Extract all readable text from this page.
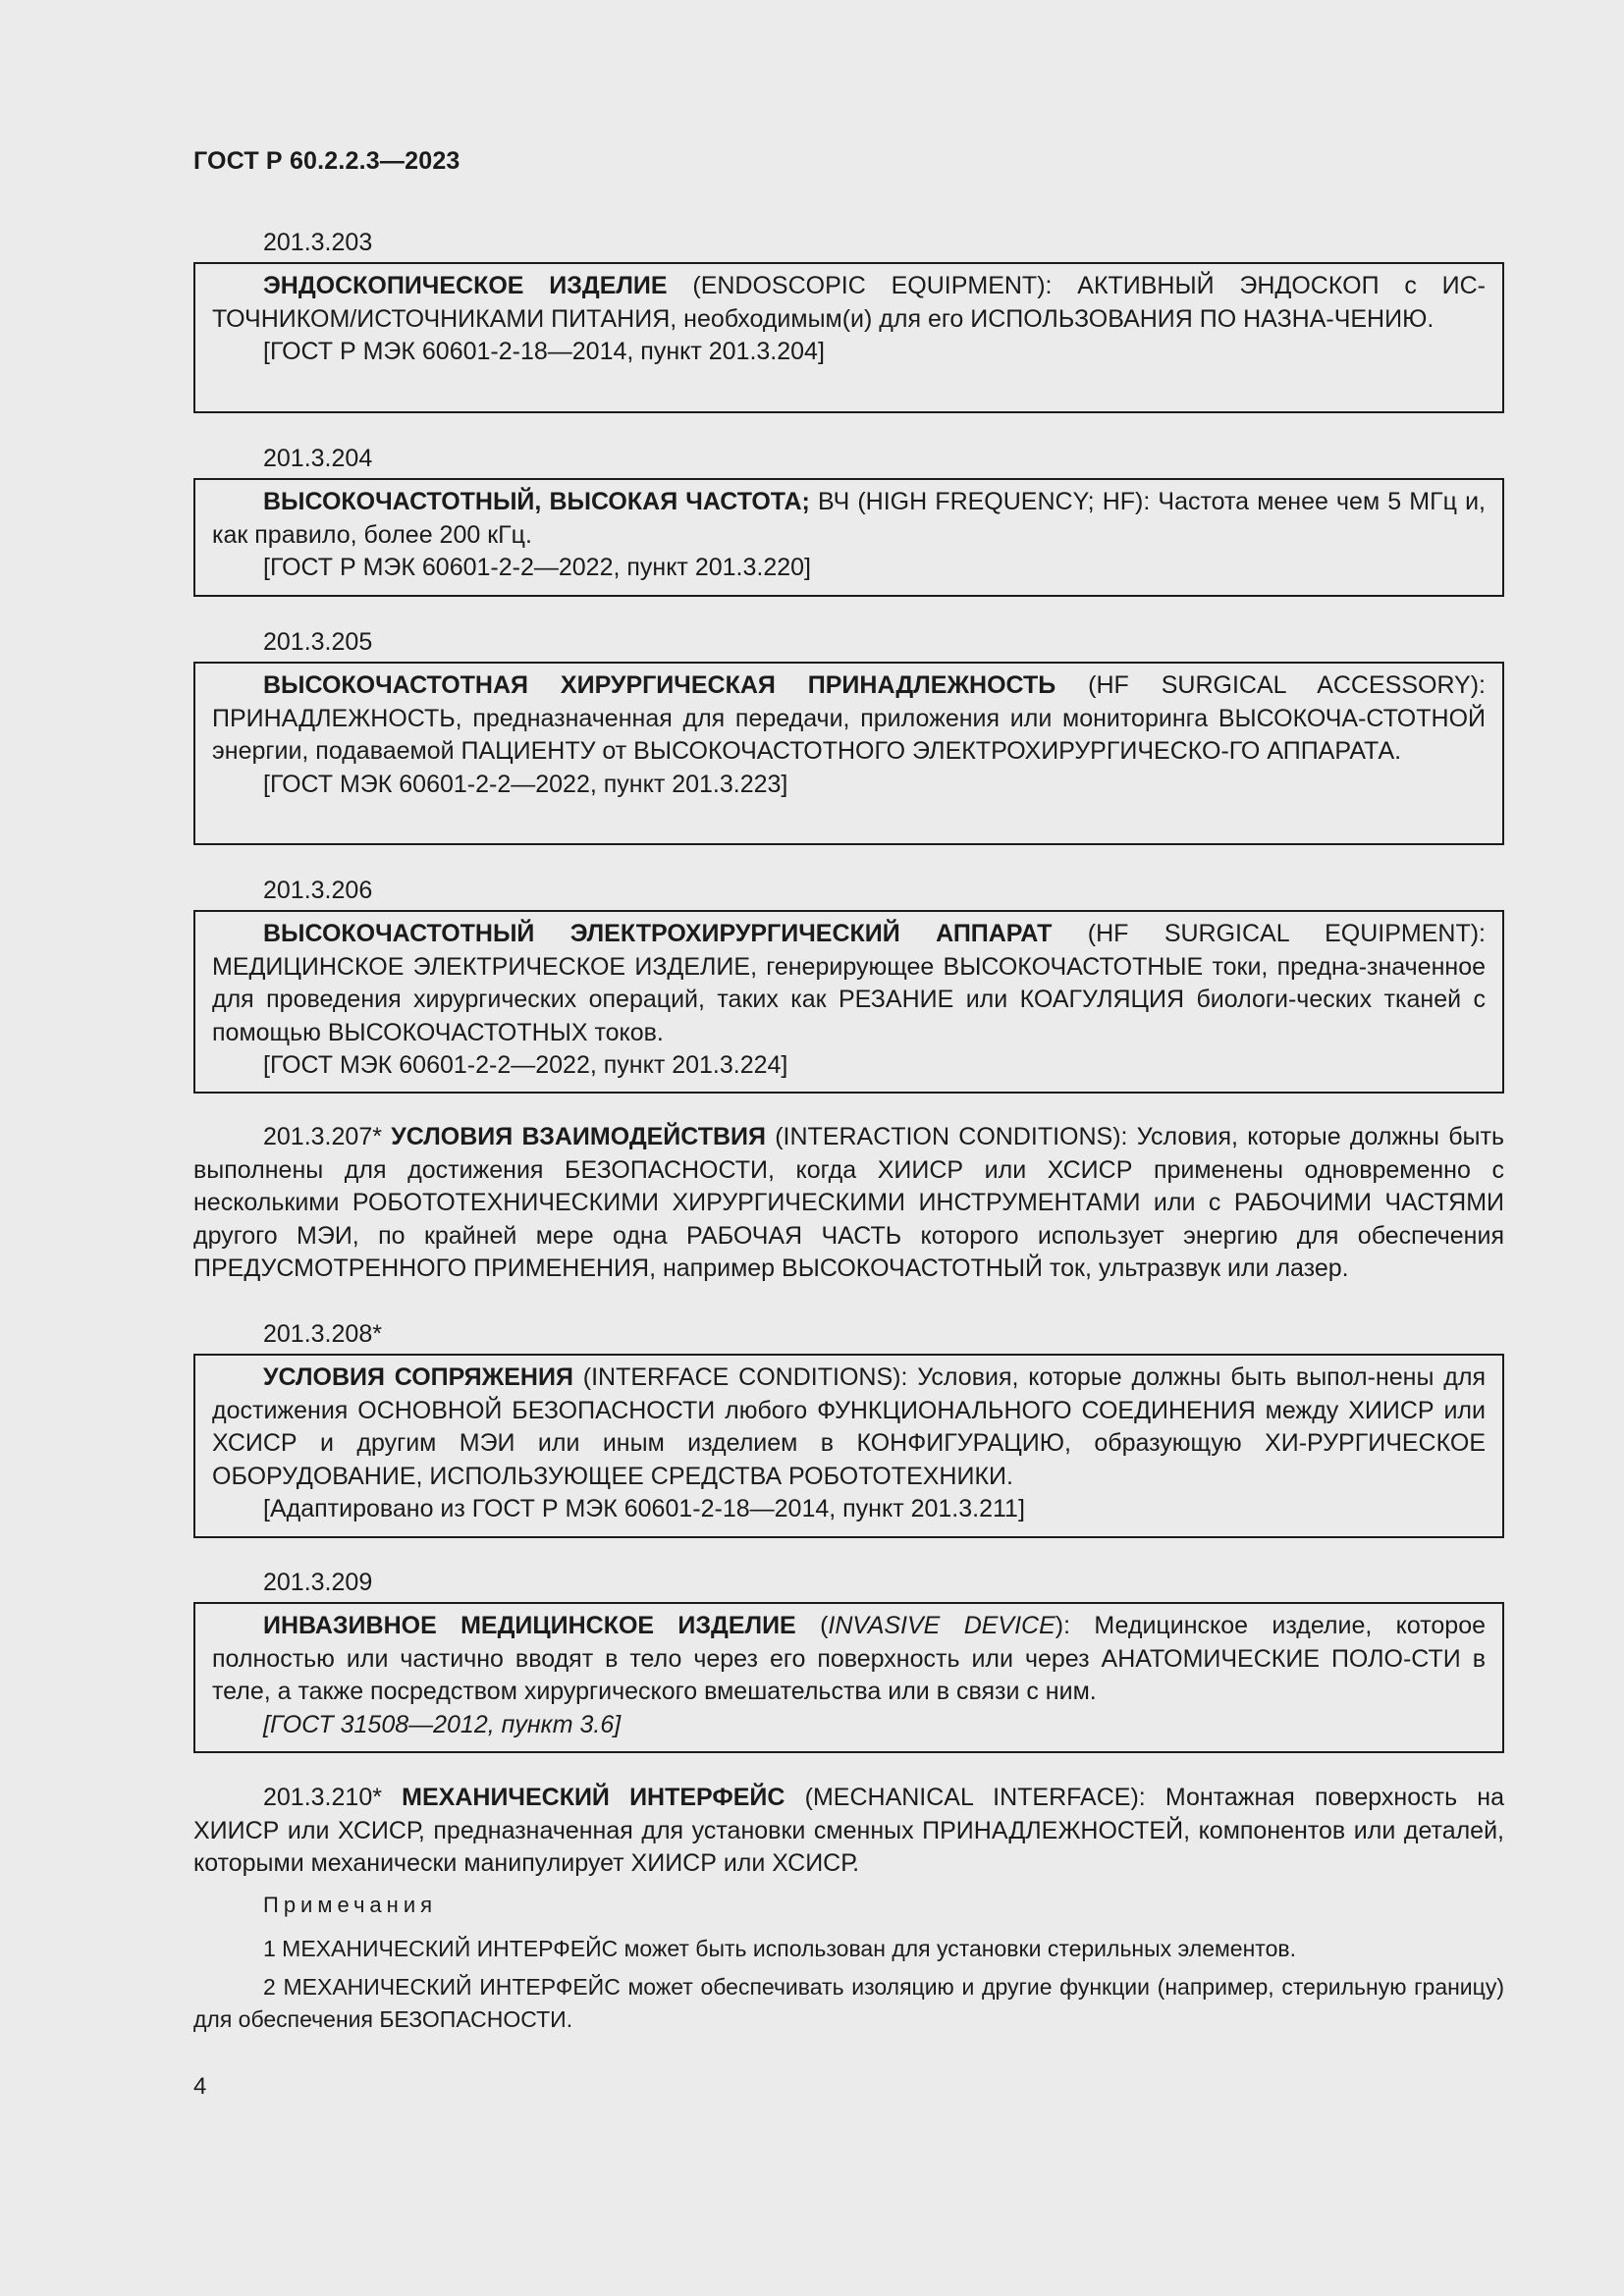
ГОСТ Р 60.2.2.3—2023
201.3.203

ЭНДОСКОПИЧЕСКОЕ ИЗДЕЛИЕ (ENDOSCOPIC EQUIPMENT): АКТИВНЫЙ ЭНДОСКОП с ИС-ТОЧНИКОМ/ИСТОЧНИКАМИ ПИТАНИЯ, необходимым(и) для его ИСПОЛЬЗОВАНИЯ ПО НАЗНА-ЧЕНИЮ.

[ГОСТ Р МЭК 60601-2-18—2014, пункт 201.3.204]

201.3.204

ВЫСОКОЧАСТОТНЫЙ, ВЫСОКАЯ ЧАСТОТА; ВЧ (HIGH FREQUENCY; HF): Частота менее чем 5 МГц и, как правило, более 200 кГц.

[ГОСТ Р МЭК 60601-2-2—2022, пункт 201.3.220]

201.3.205

ВЫСОКОЧАСТОТНАЯ ХИРУРГИЧЕСКАЯ ПРИНАДЛЕЖНОСТЬ (HF SURGICAL ACCESSORY): ПРИНАДЛЕЖНОСТЬ, предназначенная для передачи, приложения или мониторинга ВЫСОКОЧА-СТОТНОЙ энергии, подаваемой ПАЦИЕНТУ от ВЫСОКОЧАСТОТНОГО ЭЛЕКТРОХИРУРГИЧЕСКО-ГО АППАРАТА.

[ГОСТ МЭК 60601-2-2—2022, пункт 201.3.223]

201.3.206

ВЫСОКОЧАСТОТНЫЙ ЭЛЕКТРОХИРУРГИЧЕСКИЙ АППАРАТ (HF SURGICAL EQUIPMENT): МЕДИЦИНСКОЕ ЭЛЕКТРИЧЕСКОЕ ИЗДЕЛИЕ, генерирующее ВЫСОКОЧАСТОТНЫЕ токи, предна-значенное для проведения хирургических операций, таких как РЕЗАНИЕ или КОАГУЛЯЦИЯ биологи-ческих тканей с помощью ВЫСОКОЧАСТОТНЫХ токов.

[ГОСТ МЭК 60601-2-2—2022, пункт 201.3.224]

201.3.207* УСЛОВИЯ ВЗАИМОДЕЙСТВИЯ (INTERACTION CONDITIONS): Условия, которые должны быть выполнены для достижения БЕЗОПАСНОСТИ, когда ХИИСР или ХСИСР применены одновременно с несколькими РОБОТОТЕХНИЧЕСКИМИ ХИРУРГИЧЕСКИМИ ИНСТРУМЕНТАМИ или с РАБОЧИМИ ЧАСТЯМИ другого МЭИ, по крайней мере одна РАБОЧАЯ ЧАСТЬ которого использует энергию для обеспечения ПРЕДУСМОТРЕННОГО ПРИМЕНЕНИЯ, например ВЫСОКОЧАСТОТНЫЙ ток, ультразвук или лазер.

201.3.208*

УСЛОВИЯ СОПРЯЖЕНИЯ (INTERFACE CONDITIONS): Условия, которые должны быть выпол-нены для достижения ОСНОВНОЙ БЕЗОПАСНОСТИ любого ФУНКЦИОНАЛЬНОГО СОЕДИНЕНИЯ между ХИИСР или ХСИСР и другим МЭИ или иным изделием в КОНФИГУРАЦИЮ, образующую ХИ-РУРГИЧЕСКОЕ ОБОРУДОВАНИЕ, ИСПОЛЬЗУЮЩЕЕ СРЕДСТВА РОБОТОТЕХНИКИ.

[Адаптировано из ГОСТ Р МЭК 60601-2-18—2014, пункт 201.3.211]

201.3.209

ИНВАЗИВНОЕ МЕДИЦИНСКОЕ ИЗДЕЛИЕ (INVASIVE DEVICE): Медицинское изделие, которое полностью или частично вводят в тело через его поверхность или через АНАТОМИЧЕСКИЕ ПОЛО-СТИ в теле, а также посредством хирургического вмешательства или в связи с ним.

[ГОСТ 31508—2012, пункт 3.6]

201.3.210* МЕХАНИЧЕСКИЙ ИНТЕРФЕЙС (MECHANICAL INTERFACE): Монтажная поверхность на ХИИСР или ХСИСР, предназначенная для установки сменных ПРИНАДЛЕЖНОСТЕЙ, компонентов или деталей, которыми механически манипулирует ХИИСР или ХСИСР.

Примечания

1 МЕХАНИЧЕСКИЙ ИНТЕРФЕЙС может быть использован для установки стерильных элементов.

2 МЕХАНИЧЕСКИЙ ИНТЕРФЕЙС может обеспечивать изоляцию и другие функции (например, стерильную границу) для обеспечения БЕЗОПАСНОСТИ.

4
